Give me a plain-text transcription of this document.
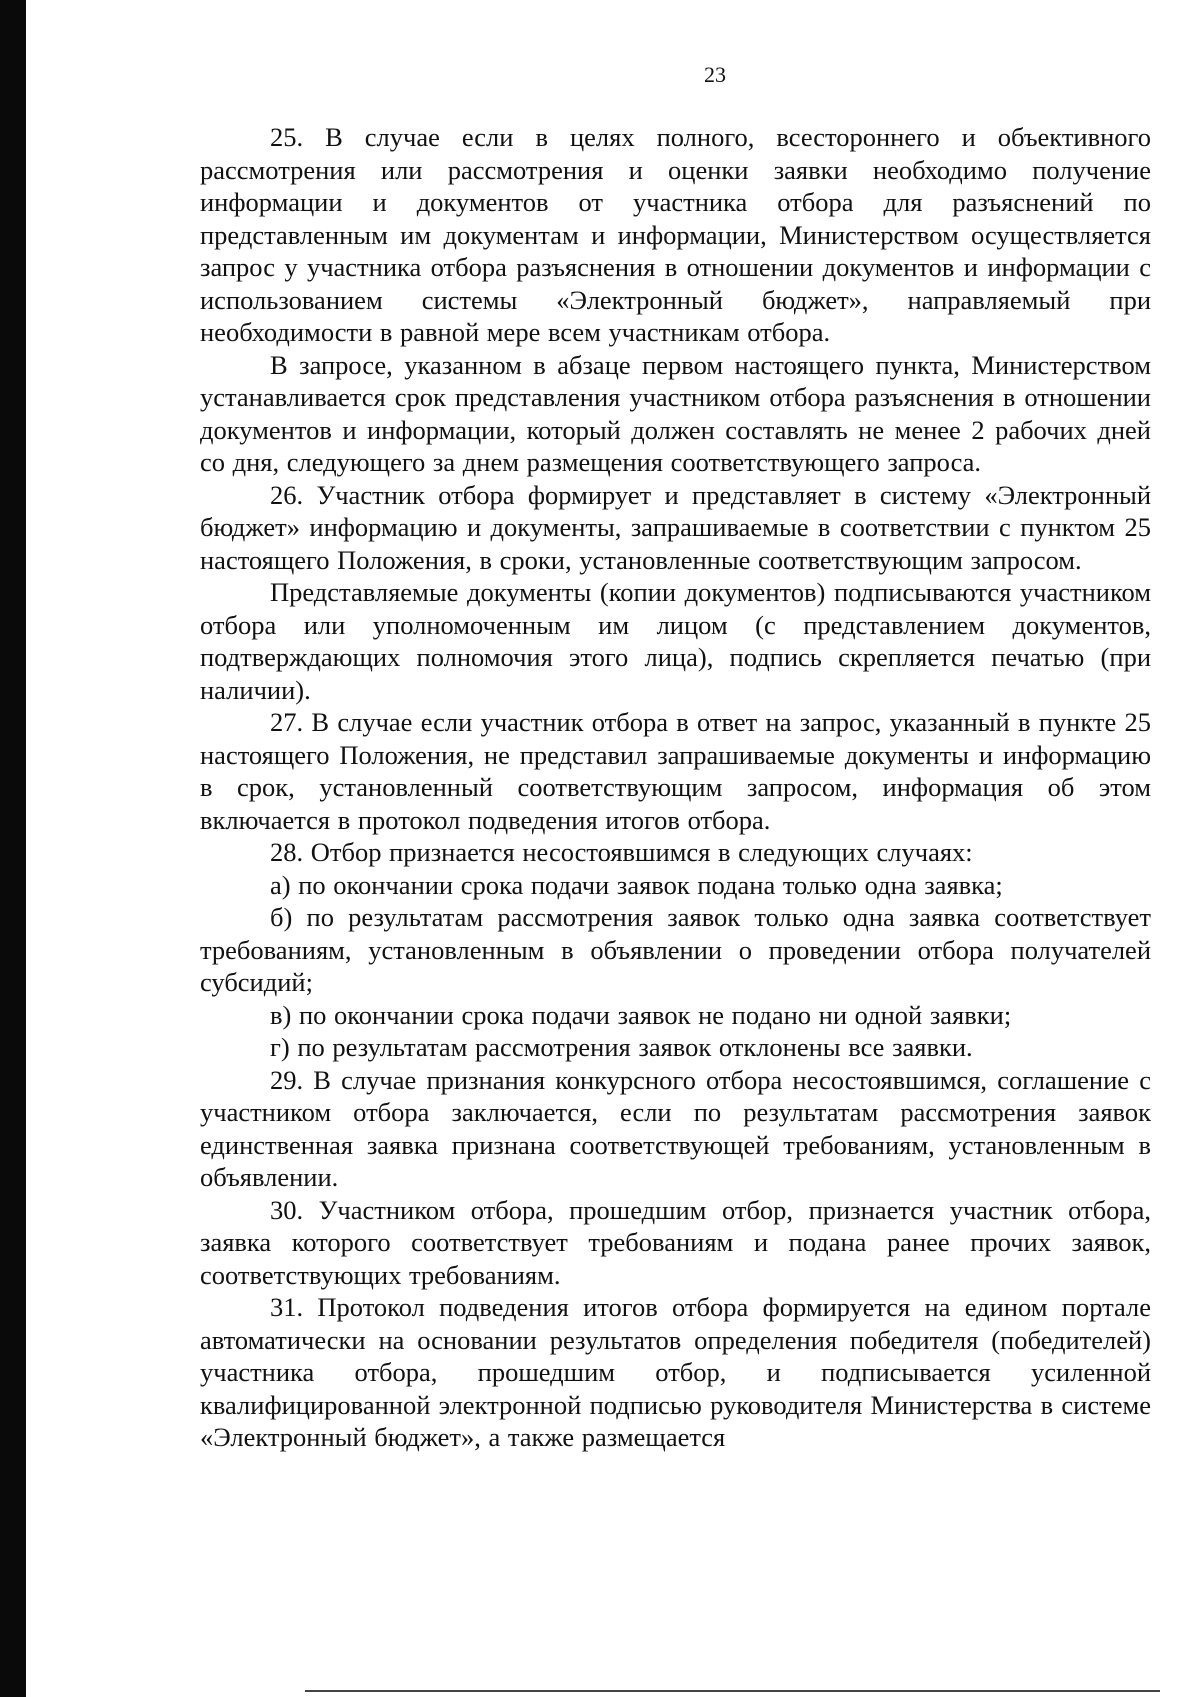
23

25. В случае если в целях полного, всестороннего и объективного рассмотрения или рассмотрения и оценки заявки необходимо получение информации и документов от участника отбора для разъяснений по представленным им документам и информации, Министерством осуществляется запрос у участника отбора разъяснения в отношении документов и информации с использованием системы «Электронный бюджет», направляемый при необходимости в равной мере всем участникам отбора.

В запросе, указанном в абзаце первом настоящего пункта, Министерством устанавливается срок представления участником отбора разъяснения в отношении документов и информации, который должен составлять не менее 2 рабочих дней со дня, следующего за днем размещения соответствующего запроса.

26. Участник отбора формирует и представляет в систему «Электронный бюджет» информацию и документы, запрашиваемые в соответствии с пунктом 25 настоящего Положения, в сроки, установленные соответствующим запросом.

Представляемые документы (копии документов) подписываются участником отбора или уполномоченным им лицом (с представлением документов, подтверждающих полномочия этого лица), подпись скрепляется печатью (при наличии).

27. В случае если участник отбора в ответ на запрос, указанный в пункте 25 настоящего Положения, не представил запрашиваемые документы и информацию в срок, установленный соответствующим запросом, информация об этом включается в протокол подведения итогов отбора.

28. Отбор признается несостоявшимся в следующих случаях:

а) по окончании срока подачи заявок подана только одна заявка;

б) по результатам рассмотрения заявок только одна заявка соответствует требованиям, установленным в объявлении о проведении отбора получателей субсидий;

в) по окончании срока подачи заявок не подано ни одной заявки;

г) по результатам рассмотрения заявок отклонены все заявки.

29. В случае признания конкурсного отбора несостоявшимся, соглашение с участником отбора заключается, если по результатам рассмотрения заявок единственная заявка признана соответствующей требованиям, установленным в объявлении.

30. Участником отбора, прошедшим отбор, признается участник отбора, заявка которого соответствует требованиям и подана ранее прочих заявок, соответствующих требованиям.

31. Протокол подведения итогов отбора формируется на едином портале автоматически на основании результатов определения победителя (победителей) участника отбора, прошедшим отбор, и подписывается усиленной квалифицированной электронной подписью руководителя Министерства в системе «Электронный бюджет», а также размещается
